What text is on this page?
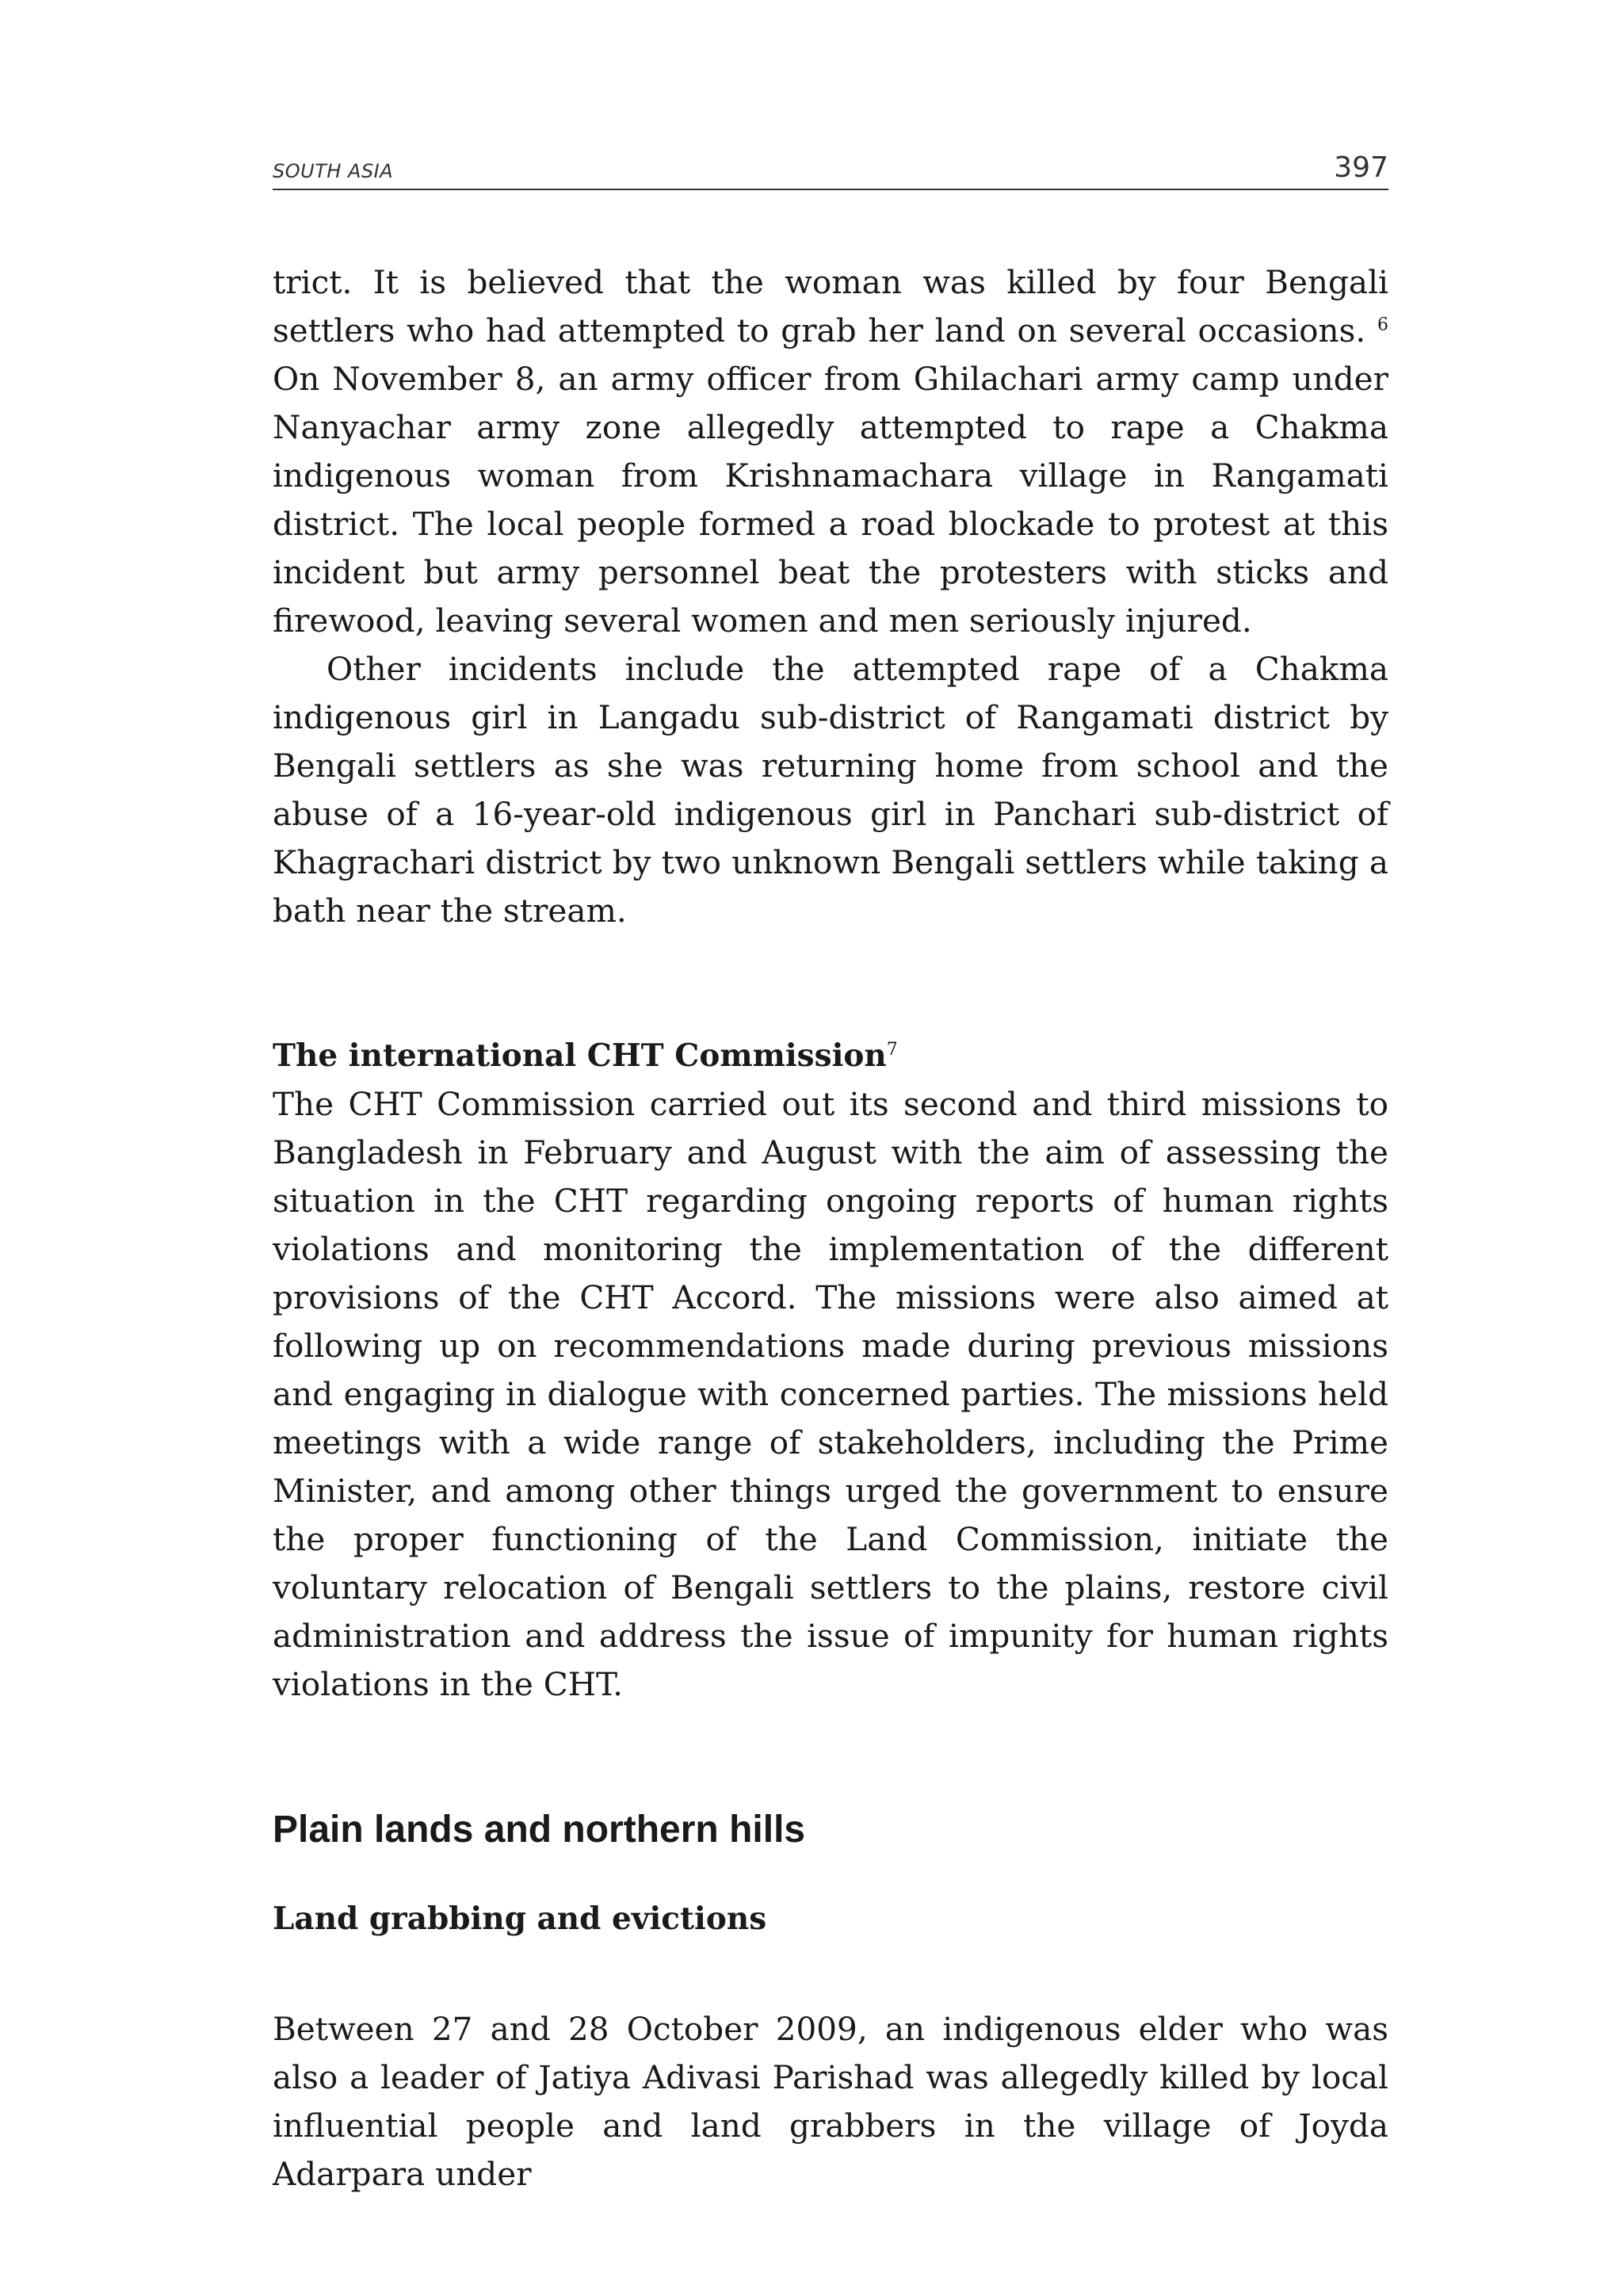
SOUTH ASIA	397

trict. It is believed that the woman was killed by four Bengali settlers who had attempted to grab her land on several occasions. $^6$ On November 8, an army officer from Ghilachari army camp under Nanyachar army zone allegedly attempted to rape a Chakma indigenous woman from Krishnamachara village in Rangamati district. The local people formed a road blockade to protest at this incident but army personnel beat the protesters with sticks and firewood, leaving several women and men seriously injured.

Other incidents include the attempted rape of a Chakma indigenous girl in Langadu sub-district of Rangamati district by Bengali settlers as she was returning home from school and the abuse of a 16-year-old indigenous girl in Panchari sub-district of Khagrachari district by two unknown Bengali settlers while taking a bath near the stream.

The international CHT Commission$^7$

The CHT Commission carried out its second and third missions to Bangladesh in February and August with the aim of assessing the situation in the CHT regarding ongoing reports of human rights violations and monitoring the implementation of the different provisions of the CHT Accord. The missions were also aimed at following up on recommendations made during previous missions and engaging in dialogue with concerned parties. The missions held meetings with a wide range of stakeholders, including the Prime Minister, and among other things urged the government to ensure the proper functioning of the Land Commission, initiate the voluntary relocation of Bengali settlers to the plains, restore civil administration and address the issue of impunity for human rights violations in the CHT.

Plain lands and northern hills
Land grabbing and evictions

Between 27 and 28 October 2009, an indigenous elder who was also a leader of Jatiya Adivasi Parishad was allegedly killed by local influential people and land grabbers in the village of Joyda Adarpara under
